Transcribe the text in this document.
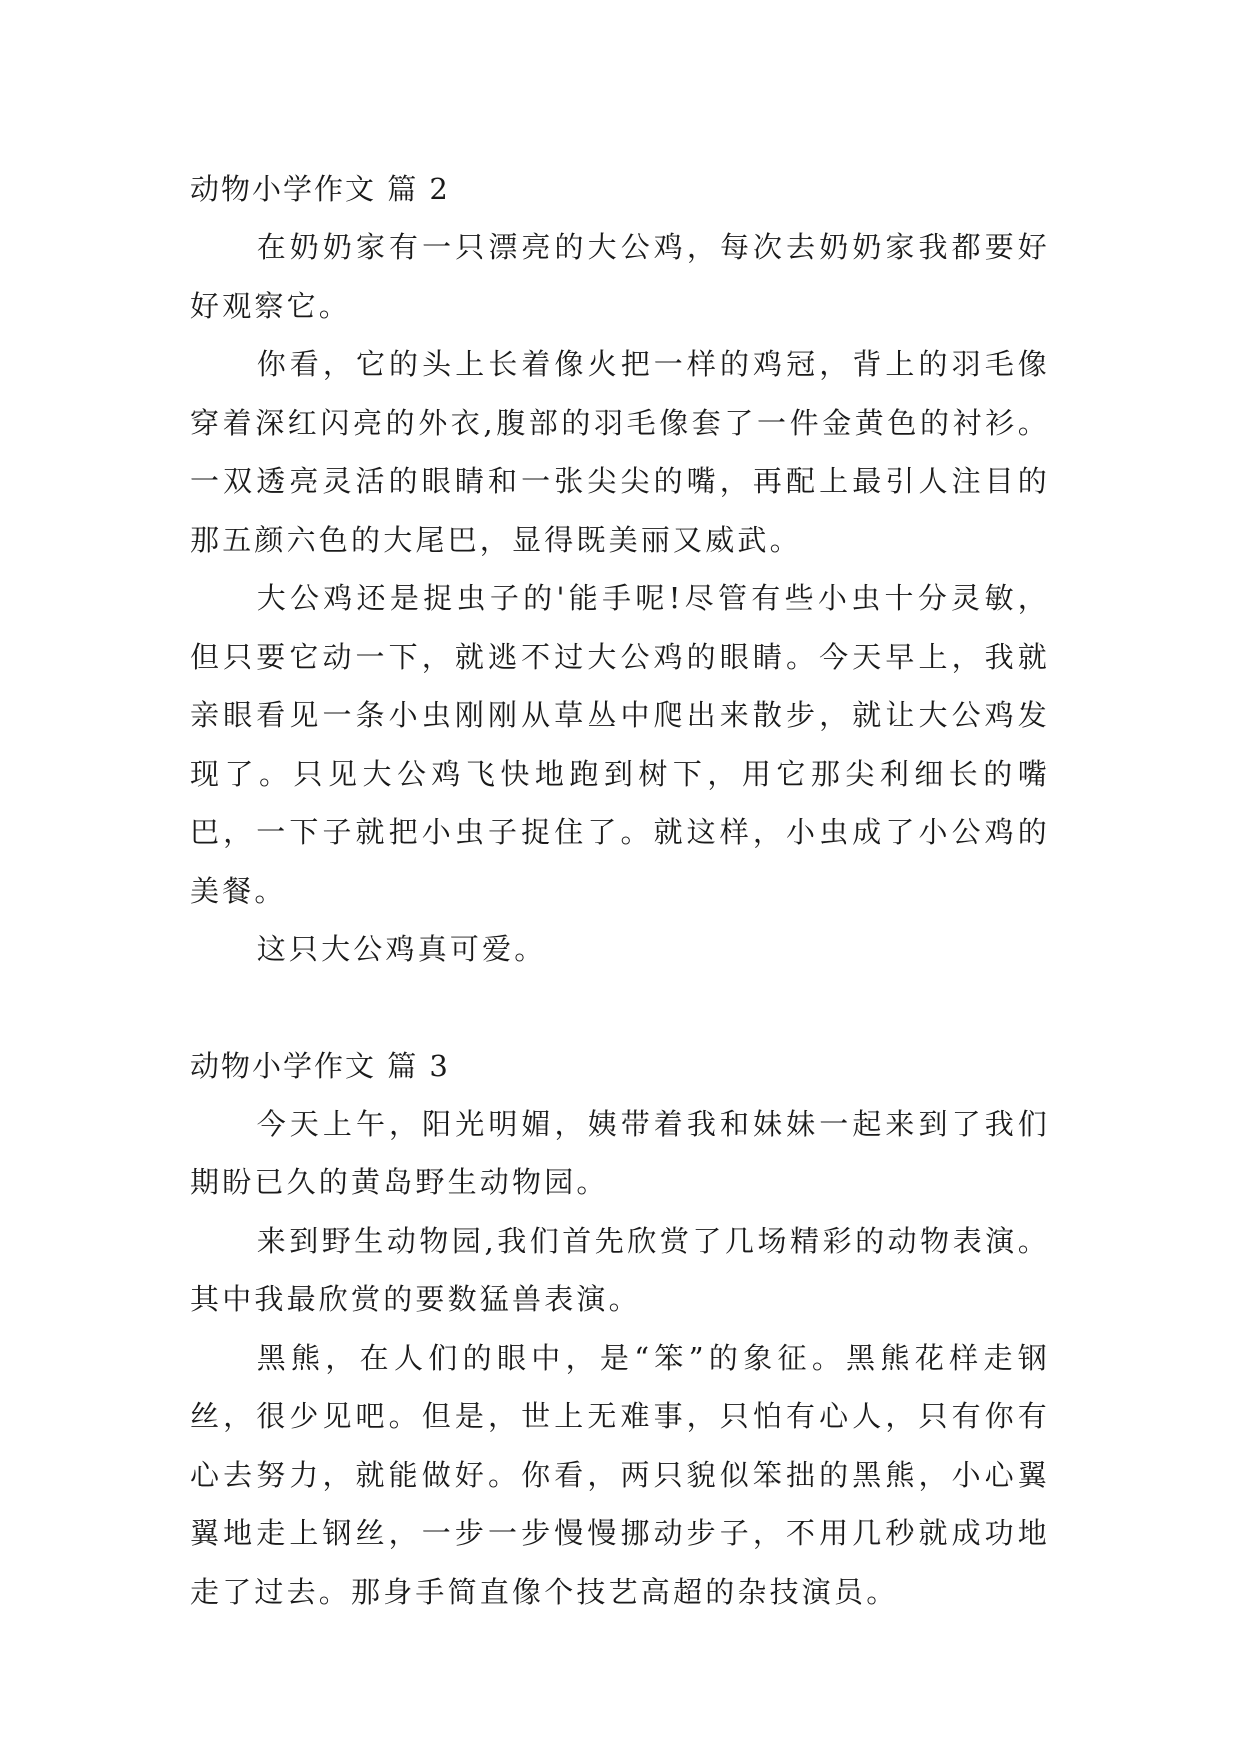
动物小学作文 篇 2

在奶奶家有一只漂亮的大公鸡，每次去奶奶家我都要好好观察它。

你看，它的头上长着像火把一样的鸡冠，背上的羽毛像穿着深红闪亮的外衣,腹部的羽毛像套了一件金黄色的衬衫。一双透亮灵活的眼睛和一张尖尖的嘴，再配上最引人注目的那五颜六色的大尾巴，显得既美丽又威武。

大公鸡还是捉虫子的'能手呢!尽管有些小虫十分灵敏，但只要它动一下，就逃不过大公鸡的眼睛。今天早上，我就亲眼看见一条小虫刚刚从草丛中爬出来散步，就让大公鸡发现了。只见大公鸡飞快地跑到树下，用它那尖利细长的嘴巴，一下子就把小虫子捉住了。就这样，小虫成了小公鸡的美餐。

这只大公鸡真可爱。

动物小学作文 篇 3

今天上午，阳光明媚，姨带着我和妹妹一起来到了我们期盼已久的黄岛野生动物园。

来到野生动物园,我们首先欣赏了几场精彩的动物表演。其中我最欣赏的要数猛兽表演。

黑熊，在人们的眼中，是“笨”的象征。黑熊花样走钢丝，很少见吧。但是，世上无难事，只怕有心人，只有你有心去努力，就能做好。你看，两只貌似笨拙的黑熊，小心翼翼地走上钢丝，一步一步慢慢挪动步子，不用几秒就成功地走了过去。那身手简直像个技艺高超的杂技演员。
